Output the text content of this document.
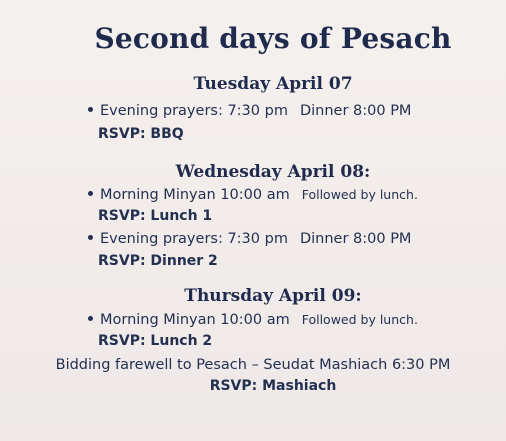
Second days of Pesach
Tuesday April 07
Evening prayers: 7:30 pm Dinner 8:00 PM
RSVP: BBQ
Wednesday April 08:
Morning Minyan 10:00 am Followed by lunch.
RSVP: Lunch 1
Evening prayers: 7:30 pm Dinner 8:00 PM
RSVP: Dinner 2
Thursday April 09:
Morning Minyan 10:00 am Followed by lunch.
RSVP: Lunch 2
Bidding farewell to Pesach – Seudat Mashiach 6:30 PM
RSVP: Mashiach
